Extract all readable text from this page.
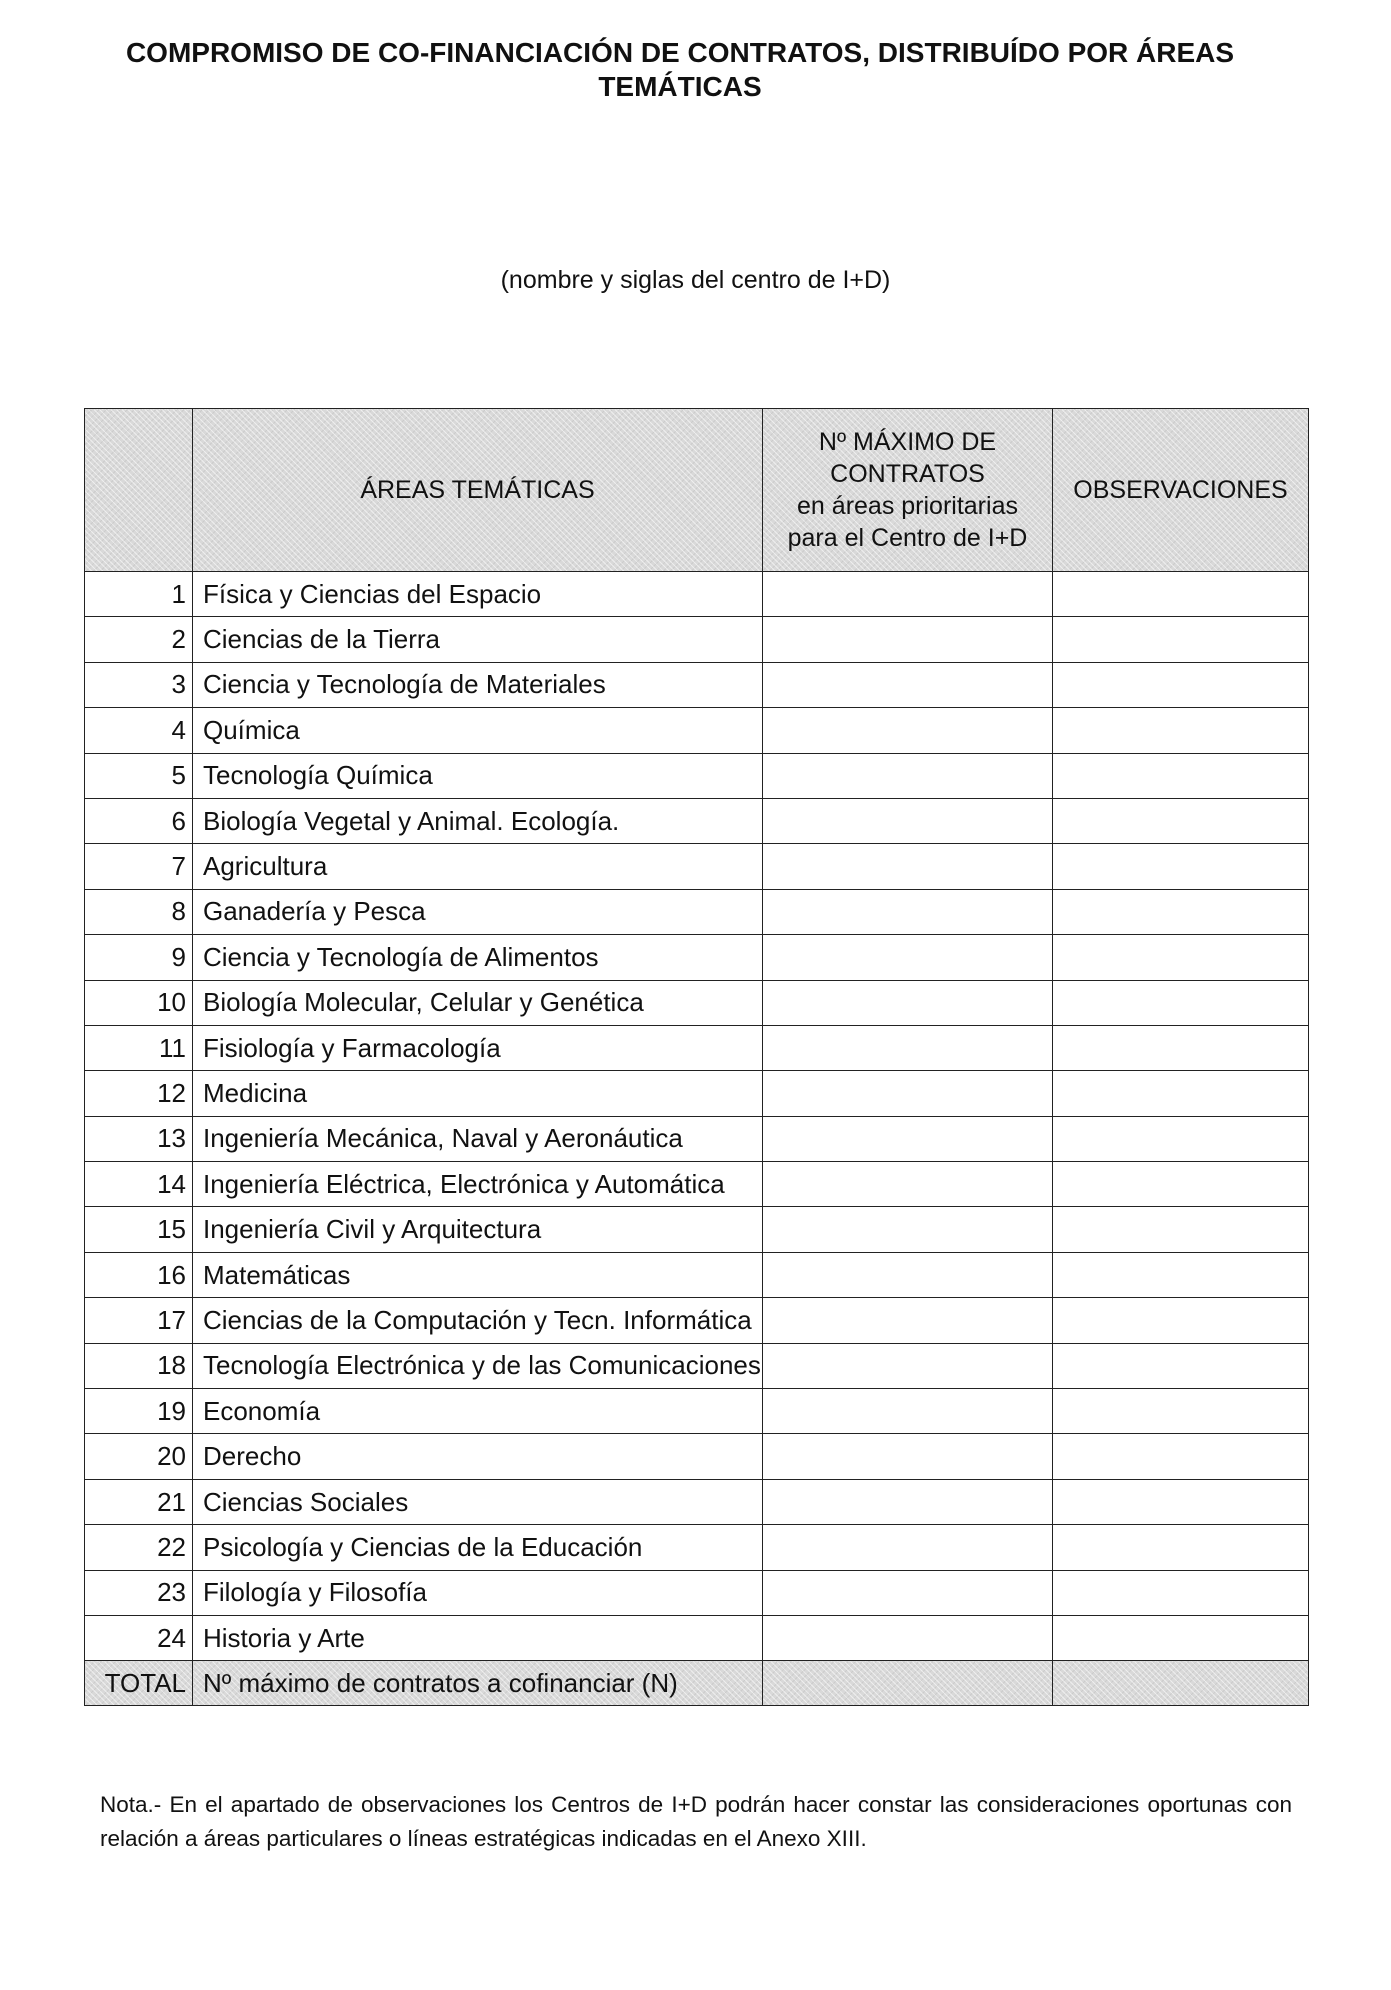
COMPROMISO DE CO-FINANCIACIÓN DE CONTRATOS, DISTRIBUÍDO POR ÁREAS TEMÁTICAS
(nombre y siglas del centro de I+D)
	ÁREAS TEMÁTICAS	Nº MÁXIMO DE
CONTRATOS
en áreas prioritarias
para el Centro de I+D	OBSERVACIONES
1	Física y Ciencias del Espacio		
2	Ciencias de la Tierra		
3	Ciencia y Tecnología de Materiales		
4	Química		
5	Tecnología Química		
6	Biología Vegetal y Animal. Ecología.		
7	Agricultura		
8	Ganadería y Pesca		
9	Ciencia y Tecnología de Alimentos		
10	Biología Molecular, Celular y Genética		
11	Fisiología y Farmacología		
12	Medicina		
13	Ingeniería Mecánica, Naval y Aeronáutica		
14	Ingeniería Eléctrica, Electrónica y Automática		
15	Ingeniería Civil y Arquitectura		
16	Matemáticas		
17	Ciencias de la Computación y Tecn. Informática		
18	Tecnología Electrónica y de las Comunicaciones		
19	Economía		
20	Derecho		
21	Ciencias Sociales		
22	Psicología y Ciencias de la Educación		
23	Filología y Filosofía		
24	Historia y Arte		
TOTAL	Nº máximo de contratos a cofinanciar (N)		
Nota.- En el apartado de observaciones los Centros de I+D podrán hacer constar las consideraciones oportunas con relación a áreas particulares o líneas estratégicas indicadas en el Anexo XIII.
